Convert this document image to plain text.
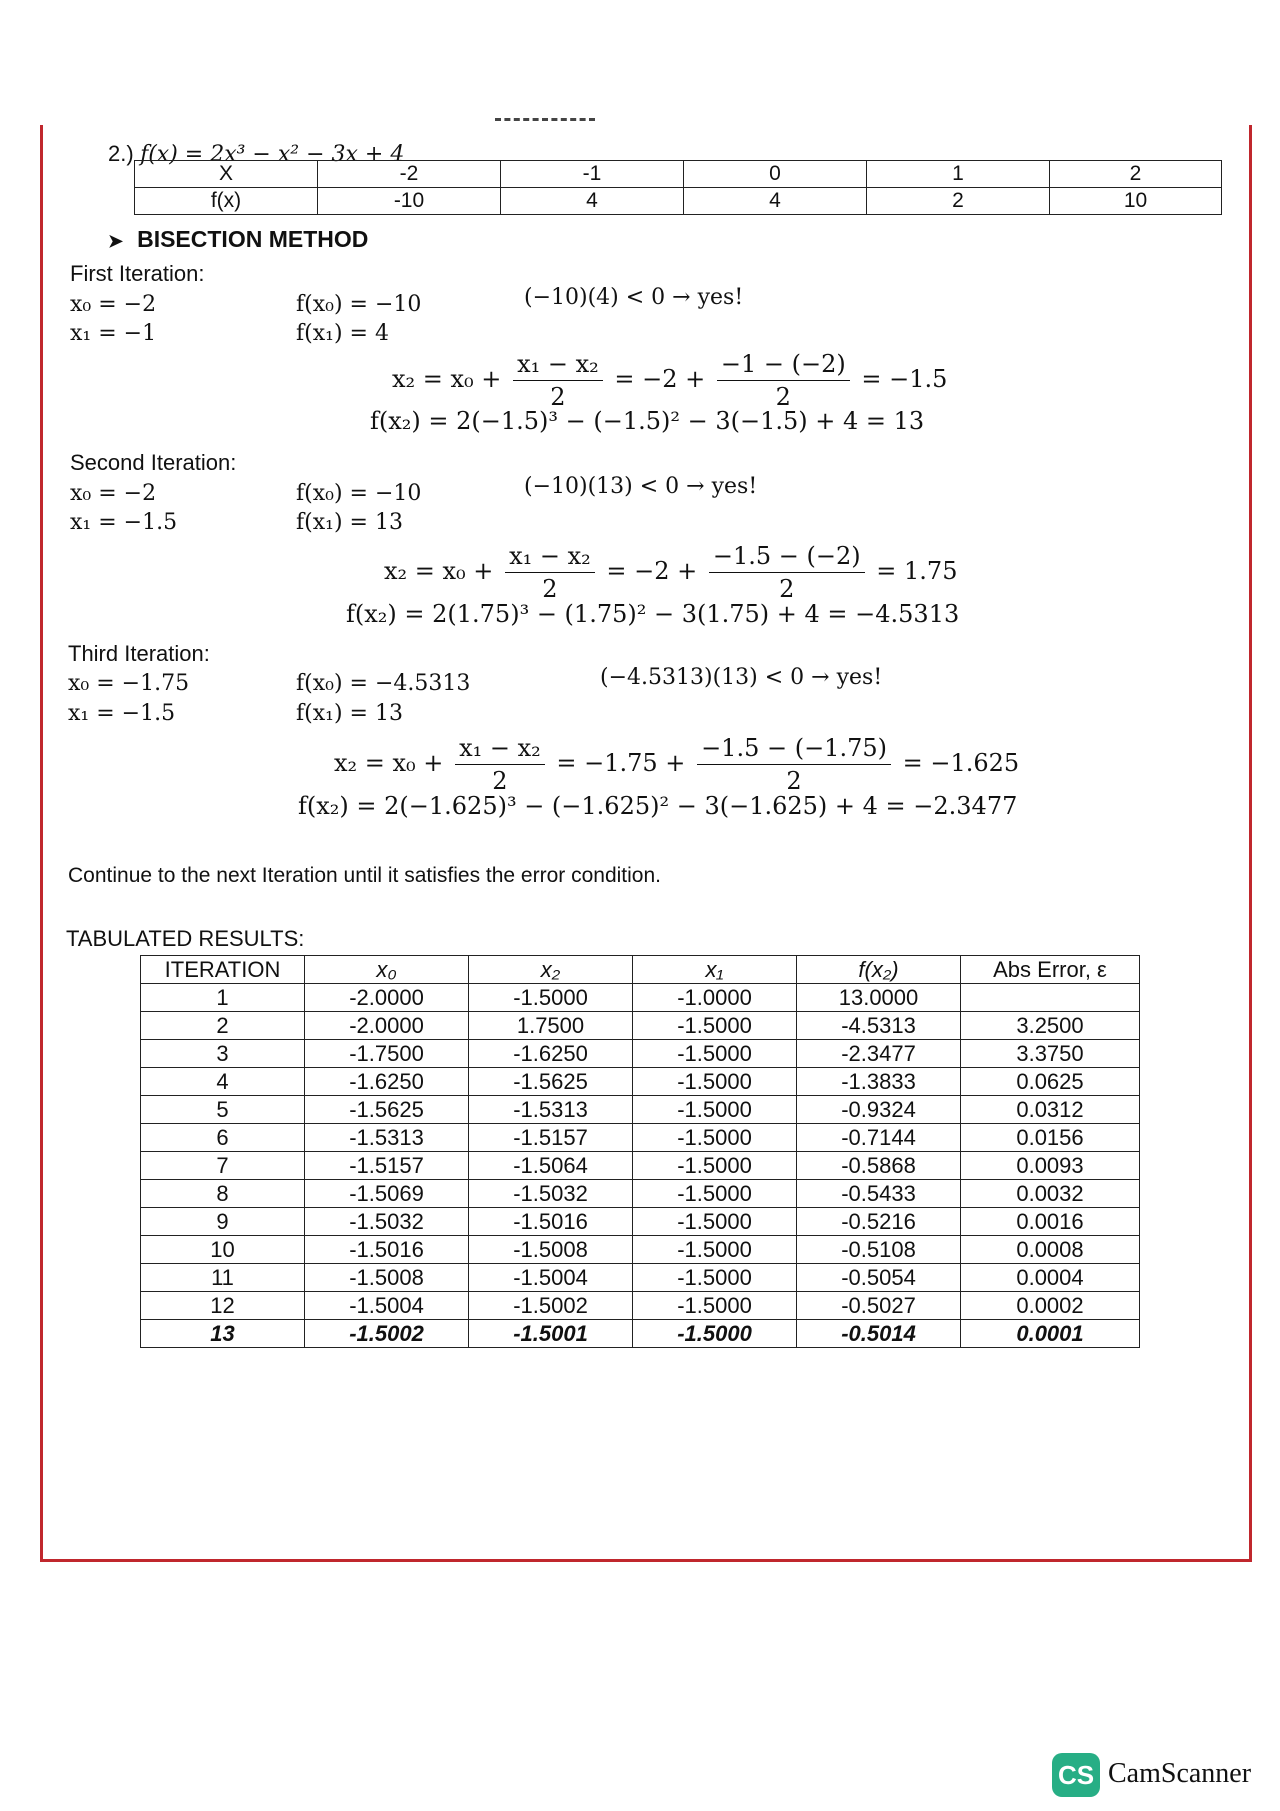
2.) f(x) = 2x³ − x² − 3x + 4
X	-2	-1	0	1	2
f(x)	-10	4	4	2	10
➤ BISECTION METHOD
First Iteration:
x₀ = −2
x₁ = −1
f(x₀) = −10
f(x₁) = 4
(−10)(4) < 0 → yes!
$x_2 = x_0 + \frac{\text{x₁ − x₂}}{2} = -2 + \frac{-1 - (-2)}{2} = -1.5$
f(x₂) = 2(−1.5)³ − (−1.5)² − 3(−1.5) + 4 = 13
Second Iteration:
x₀ = −2
x₁ = −1.5
f(x₀) = −10
f(x₁) = 13
(−10)(13) < 0 → yes!
$x_2 = x_0 + \frac{\text{x₁ − x₂}}{2} = -2 + \frac{-1.5 - (-2)}{2} = 1.75$
f(x₂) = 2(1.75)³ − (1.75)² − 3(1.75) + 4 = −4.5313
Third Iteration:
x₀ = −1.75
x₁ = −1.5
f(x₀) = −4.5313
f(x₁) = 13
(−4.5313)(13) < 0 → yes!
$x_2 = x_0 + \frac{\text{x₁ − x₂}}{2} = -1.75 + \frac{-1.5 - (-1.75)}{2} = -1.625$
f(x₂) = 2(−1.625)³ − (−1.625)² − 3(−1.625) + 4 = −2.3477
Continue to the next Iteration until it satisfies the error condition.
TABULATED RESULTS:
ITERATION	x₀	x₂	x₁	f(x₂)	Abs Error, ε
1	-2.0000	-1.5000	-1.0000	13.0000	
2	-2.0000	1.7500	-1.5000	-4.5313	3.2500
3	-1.7500	-1.6250	-1.5000	-2.3477	3.3750
4	-1.6250	-1.5625	-1.5000	-1.3833	0.0625
5	-1.5625	-1.5313	-1.5000	-0.9324	0.0312
6	-1.5313	-1.5157	-1.5000	-0.7144	0.0156
7	-1.5157	-1.5064	-1.5000	-0.5868	0.0093
8	-1.5069	-1.5032	-1.5000	-0.5433	0.0032
9	-1.5032	-1.5016	-1.5000	-0.5216	0.0016
10	-1.5016	-1.5008	-1.5000	-0.5108	0.0008
11	-1.5008	-1.5004	-1.5000	-0.5054	0.0004
12	-1.5004	-1.5002	-1.5000	-0.5027	0.0002
13	-1.5002	-1.5001	-1.5000	-0.5014	0.0001
CS CamScanner
